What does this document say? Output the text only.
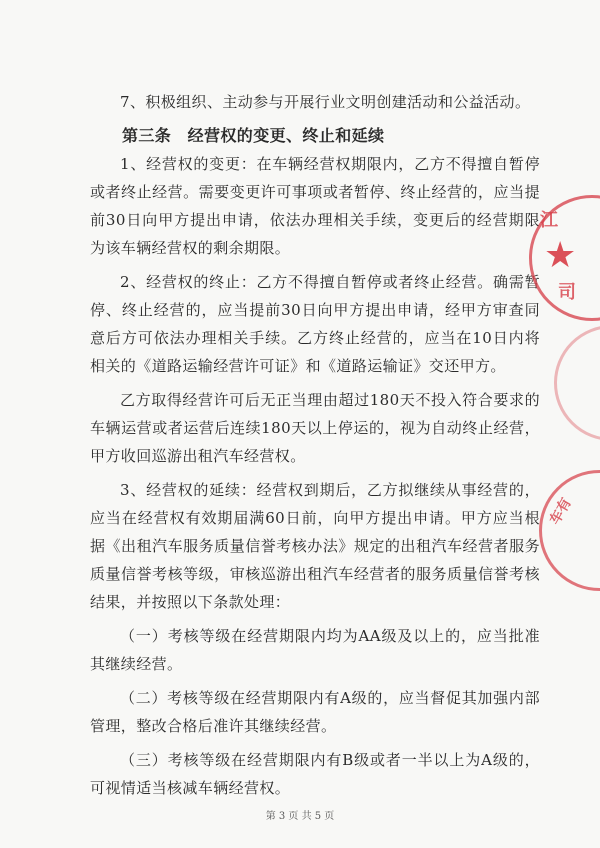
7、积极组织、主动参与开展行业文明创建活动和公益活动。

第三条　经营权的变更、终止和延续

1、经营权的变更：在车辆经营权期限内，乙方不得擅自暂停或者终止经营。需要变更许可事项或者暂停、终止经营的，应当提前30日向甲方提出申请，依法办理相关手续，变更后的经营期限为该车辆经营权的剩余期限。

2、经营权的终止：乙方不得擅自暂停或者终止经营。确需暂停、终止经营的，应当提前30日向甲方提出申请，经甲方审查同意后方可依法办理相关手续。乙方终止经营的，应当在10日内将相关的《道路运输经营许可证》和《道路运输证》交还甲方。

乙方取得经营许可后无正当理由超过180天不投入符合要求的车辆运营或者运营后连续180天以上停运的，视为自动终止经营，甲方收回巡游出租汽车经营权。

3、经营权的延续：经营权到期后，乙方拟继续从事经营的，应当在经营权有效期届满60日前，向甲方提出申请。甲方应当根据《出租汽车服务质量信誉考核办法》规定的出租汽车经营者服务质量信誉考核等级，审核巡游出租汽车经营者的服务质量信誉考核结果，并按照以下条款处理：

（一）考核等级在经营期限内均为AA级及以上的，应当批准其继续经营。

（二）考核等级在经营期限内有A级的，应当督促其加强内部管理，整改合格后准许其继续经营。

（三）考核等级在经营期限内有B级或者一半以上为A级的，可视情适当核减车辆经营权。

江
★
司
车有
第 3 页 共 5 页
